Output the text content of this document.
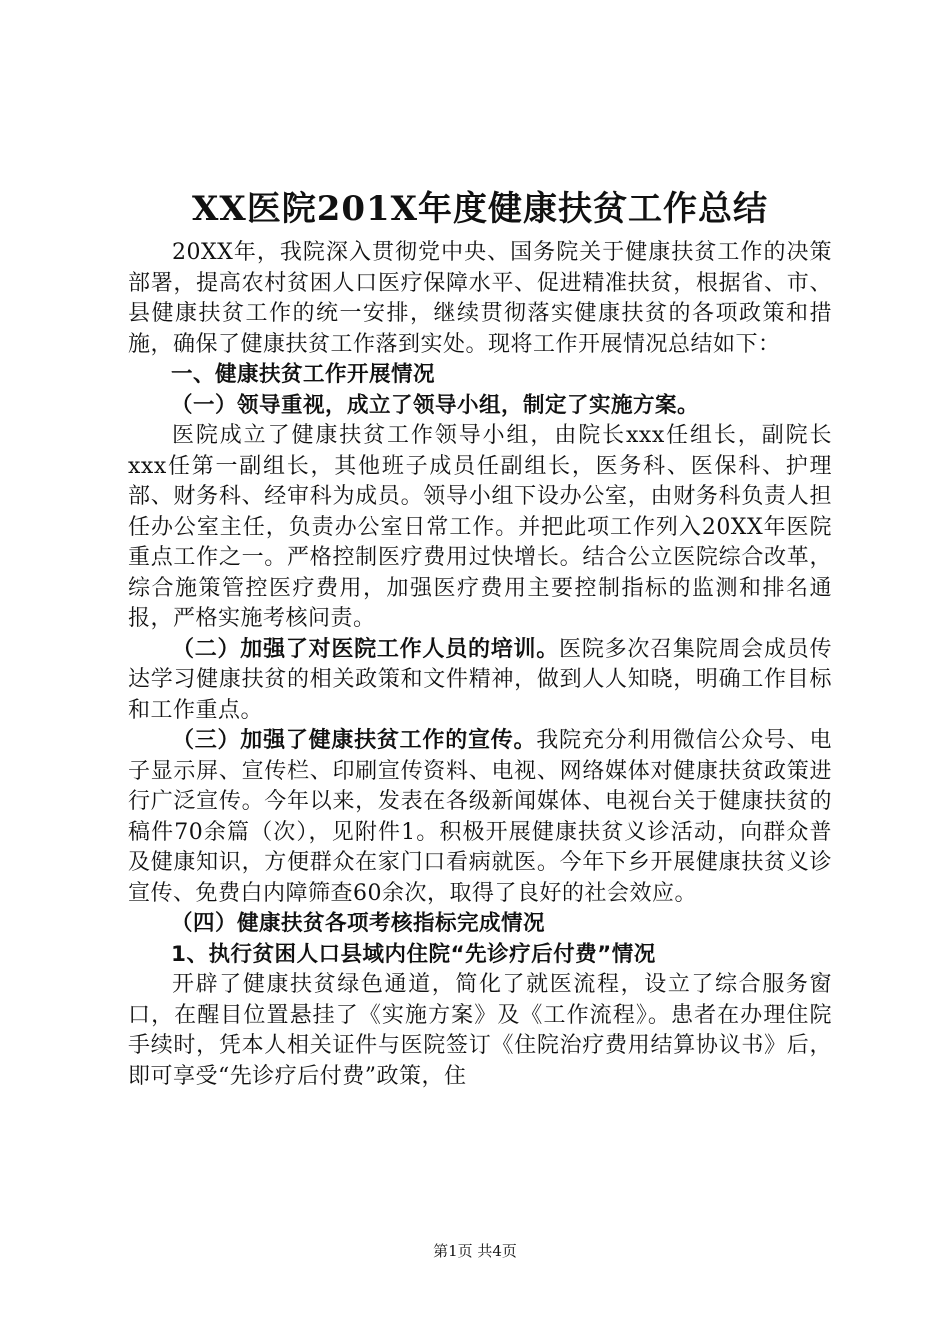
XX医院201X年度健康扶贫工作总结

20XX年，我院深入贯彻党中央、国务院关于健康扶贫工作的决策部署，提高农村贫困人口医疗保障水平、促进精准扶贫，根据省、市、县健康扶贫工作的统一安排，继续贯彻落实健康扶贫的各项政策和措施，确保了健康扶贫工作落到实处。现将工作开展情况总结如下：

一、健康扶贫工作开展情况

（一）领导重视，成立了领导小组，制定了实施方案。

医院成立了健康扶贫工作领导小组，由院长xxx任组长，副院长xxx任第一副组长，其他班子成员任副组长，医务科、医保科、护理部、财务科、经审科为成员。领导小组下设办公室，由财务科负责人担任办公室主任，负责办公室日常工作。并把此项工作列入20XX年医院重点工作之一。严格控制医疗费用过快增长。结合公立医院综合改革，综合施策管控医疗费用，加强医疗费用主要控制指标的监测和排名通报，严格实施考核问责。

（二）加强了对医院工作人员的培训。医院多次召集院周会成员传达学习健康扶贫的相关政策和文件精神，做到人人知晓，明确工作目标和工作重点。

（三）加强了健康扶贫工作的宣传。我院充分利用微信公众号、电子显示屏、宣传栏、印刷宣传资料、电视、网络媒体对健康扶贫政策进行广泛宣传。今年以来，发表在各级新闻媒体、电视台关于健康扶贫的稿件70余篇（次），见附件1。积极开展健康扶贫义诊活动，向群众普及健康知识，方便群众在家门口看病就医。今年下乡开展健康扶贫义诊宣传、免费白内障筛查60余次，取得了良好的社会效应。

（四）健康扶贫各项考核指标完成情况

1、执行贫困人口县域内住院“先诊疗后付费”情况

开辟了健康扶贫绿色通道，简化了就医流程，设立了综合服务窗口，在醒目位置悬挂了《实施方案》及《工作流程》。患者在办理住院手续时，凭本人相关证件与医院签订《住院治疗费用结算协议书》后，即可享受“先诊疗后付费”政策，住

第1页 共4页
